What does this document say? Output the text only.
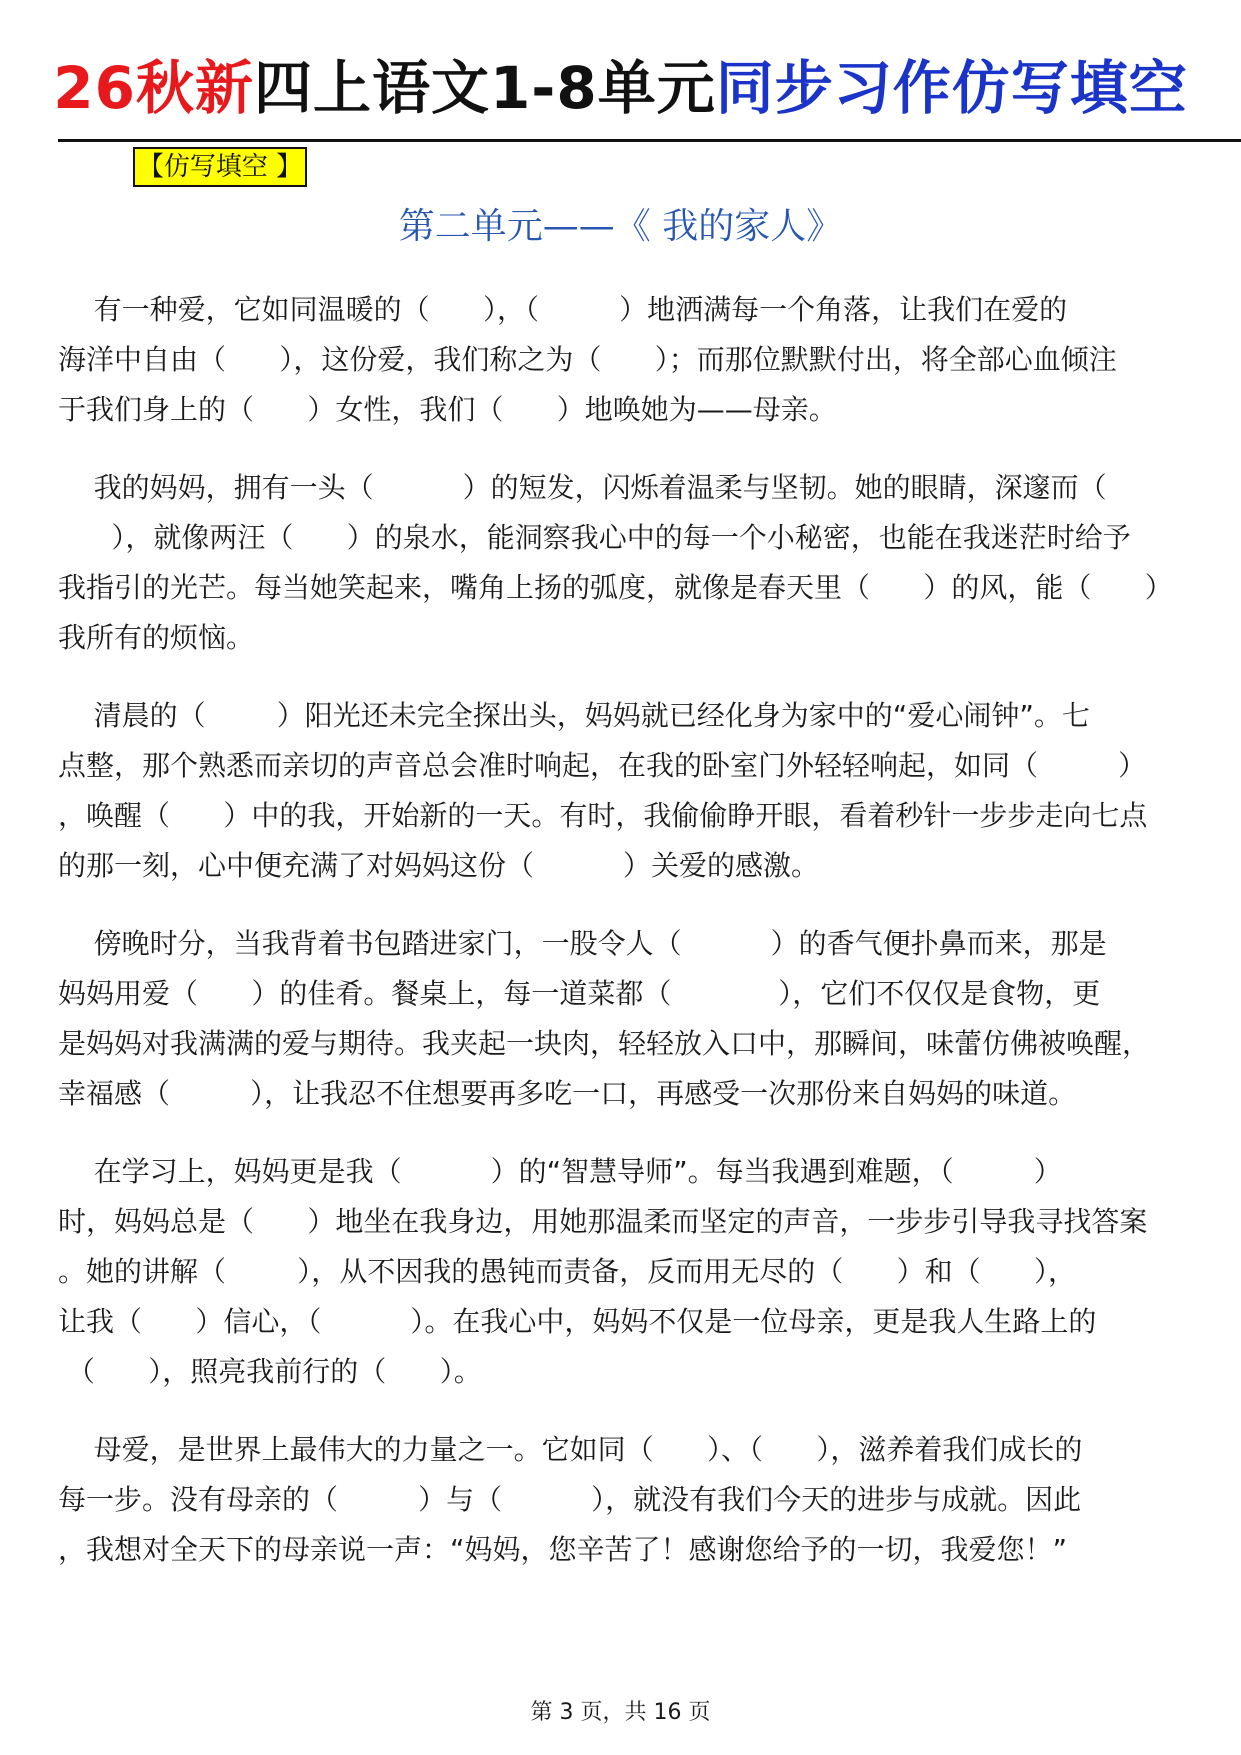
26秋新四上语文1-8单元同步习作仿写填空
【仿写填空 】
第二单元——《 我的家人》
有一种爱，它如同温暖的（      ），（         ）地洒满每一个角落，让我们在爱的
海洋中自由（      ），这份爱，我们称之为（      ）；而那位默默付出，将全部心血倾注
于我们身上的（      ）女性，我们（      ）地唤她为——母亲。
我的妈妈，拥有一头（          ）的短发，闪烁着温柔与坚韧。她的眼睛，深邃而（
），就像两汪（      ）的泉水，能洞察我心中的每一个小秘密，也能在我迷茫时给予
我指引的光芒。每当她笑起来，嘴角上扬的弧度，就像是春天里（      ）的风，能（      ）
我所有的烦恼。
清晨的（        ）阳光还未完全探出头，妈妈就已经化身为家中的“爱心闹钟”。七
点整，那个熟悉而亲切的声音总会准时响起，在我的卧室门外轻轻响起，如同（         ）
，唤醒（      ）中的我，开始新的一天。有时，我偷偷睁开眼，看着秒针一步步走向七点
的那一刻，心中便充满了对妈妈这份（          ）关爱的感激。
傍晚时分，当我背着书包踏进家门，一股令人（          ）的香气便扑鼻而来，那是
妈妈用爱（      ）的佳肴。餐桌上，每一道菜都（            ），它们不仅仅是食物，更
是妈妈对我满满的爱与期待。我夹起一块肉，轻轻放入口中，那瞬间，味蕾仿佛被唤醒，
幸福感（         ），让我忍不住想要再多吃一口，再感受一次那份来自妈妈的味道。
在学习上，妈妈更是我（          ）的“智慧导师”。每当我遇到难题，（         ）
时，妈妈总是（      ）地坐在我身边，用她那温柔而坚定的声音，一步步引导我寻找答案
。她的讲解（        ），从不因我的愚钝而责备，反而用无尽的（      ）和（      ），
让我（      ）信心，（          ）。在我心中，妈妈不仅是一位母亲，更是我人生路上的
（      ），照亮我前行的（      ）。
母爱，是世界上最伟大的力量之一。它如同（      ）、（      ），滋养着我们成长的
每一步。没有母亲的（         ）与（          ），就没有我们今天的进步与成就。因此
，我想对全天下的母亲说一声：“妈妈，您辛苦了！感谢您给予的一切，我爱您！”
第 3 页，共 16 页
